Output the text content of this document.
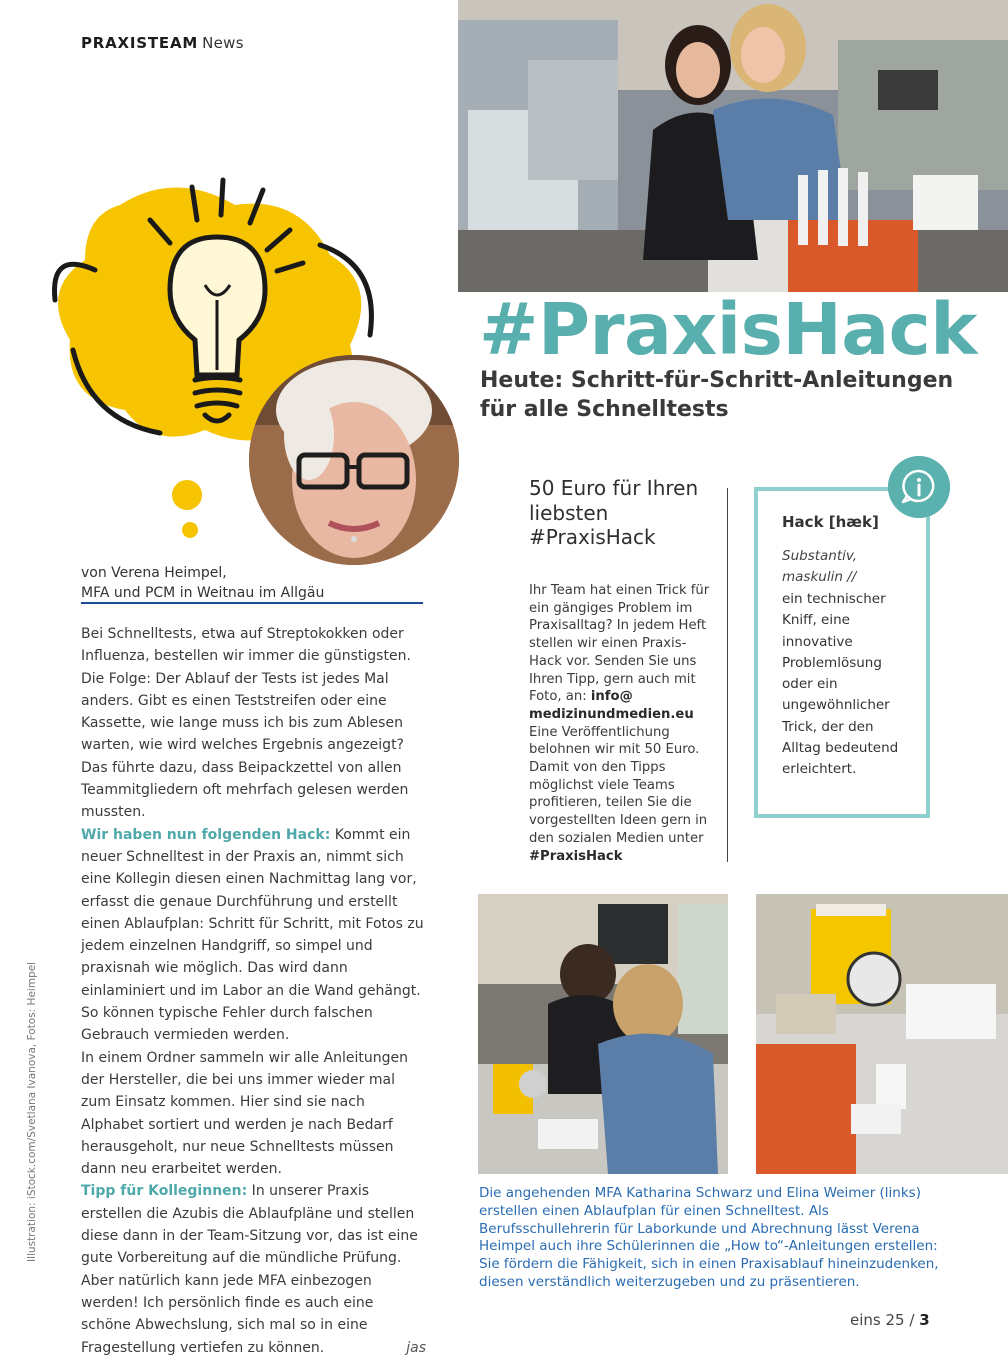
PRAXISTEAM News
#PraxisHack
Heute: Schritt-für-Schritt-Anleitungen für alle Schnelltests
von Verena Heimpel,
MFA und PCM in Weitnau im Allgäu

Bei Schnelltests, etwa auf Streptokokken oder Influenza, bestellen wir immer die günstigsten. Die Folge: Der Ablauf der Tests ist jedes Mal anders. Gibt es einen Teststreifen oder eine Kassette, wie lange muss ich bis zum Ablesen warten, wie wird welches Ergebnis angezeigt? Das führte dazu, dass Beipackzettel von allen Teammitgliedern oft mehrfach gelesen werden mussten.

Wir haben nun folgenden Hack: Kommt ein neuer Schnelltest in der Praxis an, nimmt sich eine Kollegin diesen einen Nachmittag lang vor, erfasst die genaue Durchführung und erstellt einen Ablaufplan: Schritt für Schritt, mit Fotos zu jedem einzelnen Handgriff, so simpel und praxisnah wie möglich. Das wird dann einlaminiert und im Labor an die Wand gehängt. So können typische Fehler durch falschen Gebrauch vermieden werden.

In einem Ordner sammeln wir alle Anleitungen der Hersteller, die bei uns immer wieder mal zum Einsatz kommen. Hier sind sie nach Alphabet sortiert und werden je nach Bedarf herausgeholt, nur neue Schnelltests müssen dann neu erarbeitet werden.

Tipp für Kolleginnen: In unserer Praxis erstellen die Azubis die Ablaufpläne und stellen diese dann in der Team-Sitzung vor, das ist eine gute Vorbereitung auf die mündliche Prüfung. Aber natürlich kann jede MFA einbezogen werden! Ich persönlich finde es auch eine schöne Abwechslung, sich mal so in eine Fragestellung vertiefen zu können.	jas

Illustration: iStock.com/Svetlana Ivanova, Fotos: Heimpel
50 Euro für Ihren liebsten #PraxisHack
Ihr Team hat einen Trick für ein gängiges Problem im Praxisalltag? In jedem Heft stellen wir einen Praxis-Hack vor. Senden Sie uns Ihren Tipp, gern auch mit Foto, an: info@
medizinundmedien.eu Eine Veröffentlichung belohnen wir mit 50 Euro. Damit von den Tipps möglichst viele Teams profitieren, teilen Sie die vorgestellten Ideen gern in den sozialen Medien unter #PraxisHack
Hack [hæk]
Substantiv, maskulin //
ein technischer Kniff, eine innovative Problemlösung oder ein ungewöhnlicher Trick, der den Alltag bedeutend erleichtert.
Die angehenden MFA Katharina Schwarz und Elina Weimer (links) erstellen einen Ablaufplan für einen Schnelltest. Als Berufsschullehrerin für Laborkunde und Abrechnung lässt Verena Heimpel auch ihre Schülerinnen die „How to“-Anleitungen erstellen: Sie fördern die Fähigkeit, sich in einen Praxisablauf hineinzudenken, diesen verständlich weiterzugeben und zu präsentieren.
eins 25 / 3
